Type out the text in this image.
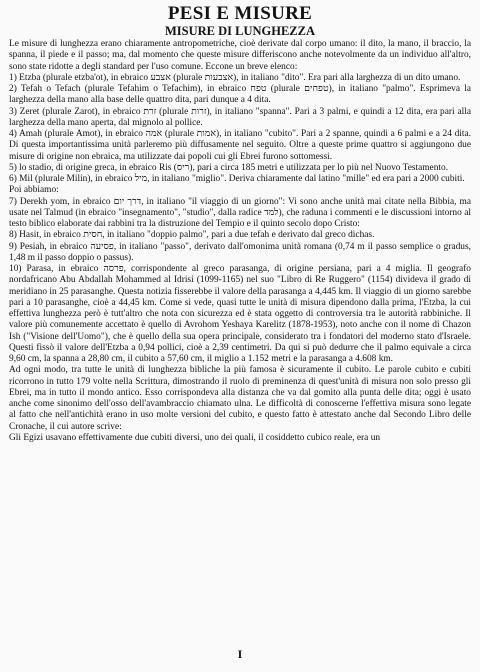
PESI E MISURE
MISURE DI LUNGHEZZA

Le misure di lunghezza erano chiaramente antropometriche, cioè derivate dal corpo umano: il dito, la mano, il braccio, la spanna, il piede e il passo; ma, dal momento che queste misure differiscono anche notevolmente da un individuo all'altro, sono state ridotte a degli standard per l'uso comune. Eccone un breve elenco:

1) Etzba (plurale etzba'ot), in ebraico אצבע (plurale אצבעות), in italiano "dito". Era pari alla larghezza di un dito umano.

2) Tefah o Tefach (plurale Tefahim o Tefachim), in ebraico טפח (plurale טפחים), in italiano "palmo". Esprimeva la larghezza della mano alla base delle quattro dita, pari dunque a 4 dita.

3) Zeret (plurale Zarot), in ebraico זרת (plurale זרות), in italiano "spanna". Pari a 3 palmi, e quindi a 12 dita, era pari alla larghezza della mano aperta, dal mignolo al pollice.

4) Amah (plurale Amot), in ebraico אמה (plurale אמות), in italiano "cubito". Pari a 2 spanne, quindi a 6 palmi e a 24 dita. Di questa importantissima unità parleremo più diffusamente nel seguito. Oltre a queste prime quattro si aggiungono due misure di origine non ebraica, ma utilizzate dai popoli cui gli Ebrei furono sottomessi.

5) lo stadio, di origine greca, in ebraico Ris (ריס), pari a circa 185 metri e utilizzata per lo più nel Nuovo Testamento.

6) Mil (plurale Milin), in ebraico מיל, in italiano "miglio". Deriva chiaramente dal latino "mille" ed era pari a 2000 cubiti.

Poi abbiamo:

7) Derekh yom, in ebraico דרך יום, in italiano "il viaggio di un giorno": Vi sono anche unità mai citate nella Bibbia, ma usate nel Talmud (in ebraico "insegnamento", "studio", dalla radice למד), che raduna i commenti e le discussioni intorno al testo biblico elaborate dai rabbini tra la distruzione del Tempio e il quinto secolo dopo Cristo:

8) Hasit, in ebraico חסית, in italiano "doppio palmo", pari a due tefah e derivato dal greco dichas.

9) Pesiah, in ebraico פסיעה, in italiano "passo", derivato dall'omonima unità romana (0,74 m il passo semplice o gradus, 1,48 m il passo doppio o passus).

10) Parasa, in ebraico פרסה, corrispondente al greco parasanga, di origine persiana, pari a 4 miglia. Il geografo nordafricano Abu Abdallah Mohammed al Idrisi (1099-1165) nel suo "Libro di Re Ruggero" (1154) divideva il grado di meridiano in 25 parasanghe. Questa notizia fisserebbe il valore della parasanga a 4,445 km. Il viaggio di un giorno sarebbe pari a 10 parasanghe, cioè a 44,45 km. Come si vede, quasi tutte le unità di misura dipendono dalla prima, l'Etzba, la cui effettiva lunghezza però è tutt'altro che nota con sicurezza ed è stata oggetto di controversia tra le autorità rabbiniche. Il valore più comunemente accettato è quello di Avrohom Yeshaya Karelitz (1878-1953), noto anche con il nome di Chazon Ish ("Visione dell'Uomo"), che è quello della sua opera principale, considerato tra i fondatori del moderno stato d'Israele. Questi fissò il valore dell'Etzba a 0,94 pollici, cioè a 2,39 centimetri. Da qui si può dedurre che il palmo equivale a circa 9,60 cm, la spanna a 28,80 cm, il cubito a 57,60 cm, il miglio a 1.152 metri e la parasanga a 4.608 km.

Ad ogni modo, tra tutte le unità di lunghezza bibliche la più famosa è sicuramente il cubito. Le parole cubito e cubiti ricorrono in tutto 179 volte nella Scrittura, dimostrando il ruolo di preminenza di quest'unità di misura non solo presso gli Ebrei, ma in tutto il mondo antico. Esso corrispondeva alla distanza che va dal gomito alla punta delle dita; oggi è usato anche come sinonimo dell'osso dell'avambraccio chiamato ulna. Le difficoltà di conoscerne l'effettiva misura sono legate al fatto che nell'antichità erano in uso molte versioni del cubito, e questo fatto è attestato anche dal Secondo Libro delle Cronache, il cui autore scrive:

Gli Egizi usavano effettivamente due cubiti diversi, uno dei quali, il cosiddetto cubico reale, era un

I
